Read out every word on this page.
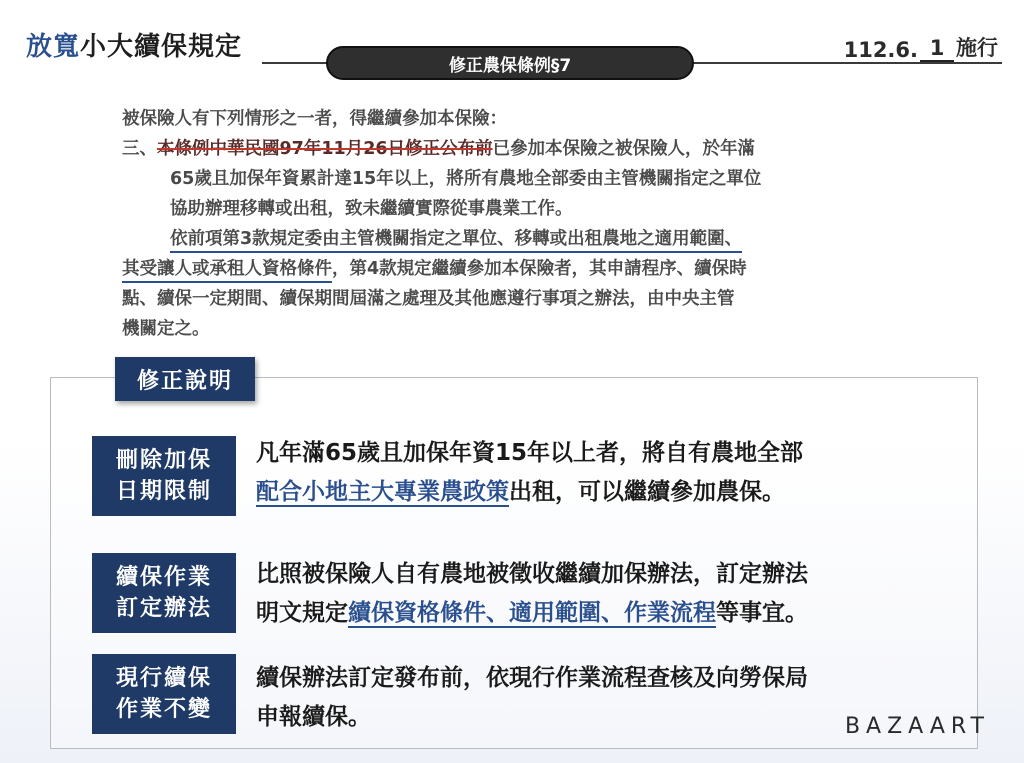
放寬小大續保規定
修正農保條例§7
112.6. 1 施行
被保險人有下列情形之一者，得繼續參加本保險：
三、本條例中華民國97年11月26日修正公布前已參加本保險之被保險人，於年滿
65歲且加保年資累計達15年以上，將所有農地全部委由主管機關指定之單位
協助辦理移轉或出租，致未繼續實際從事農業工作。
依前項第3款規定委由主管機關指定之單位、移轉或出租農地之適用範圍、
其受讓人或承租人資格條件，第4款規定繼續參加本保險者，其申請程序、續保時
點、續保一定期間、續保期間屆滿之處理及其他應遵行事項之辦法，由中央主管
機關定之。
修正說明
刪除加保
日期限制
凡年滿65歲且加保年資15年以上者，將自有農地全部
配合小地主大專業農政策出租，可以繼續參加農保。
續保作業
訂定辦法
比照被保險人自有農地被徵收繼續加保辦法，訂定辦法
明文規定續保資格條件、適用範圍、作業流程等事宜。
現行續保
作業不變
續保辦法訂定發布前，依現行作業流程查核及向勞保局
申報續保。	BAZAART
